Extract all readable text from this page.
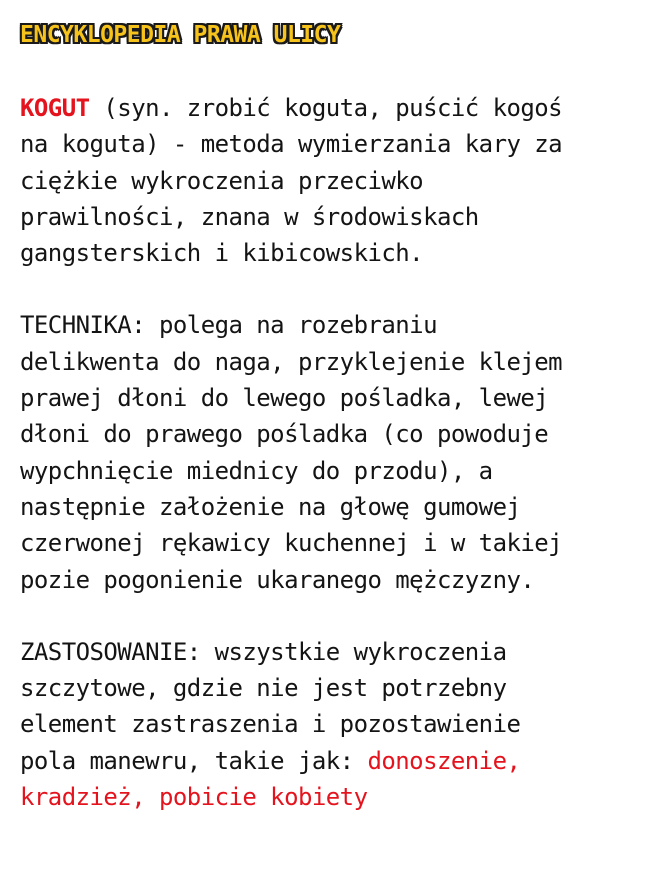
ENCYKLOPEDIA PRAWA ULICY

KOGUT (syn. zrobić koguta, puścić kogoś
na koguta) - metoda wymierzania kary za
ciężkie wykroczenia przeciwko
prawilności, znana w środowiskach
gangsterskich i kibicowskich.

TECHNIKA: polega na rozebraniu
delikwenta do naga, przyklejenie klejem
prawej dłoni do lewego pośladka, lewej
dłoni do prawego pośladka (co powoduje
wypchnięcie miednicy do przodu), a
następnie założenie na głowę gumowej
czerwonej rękawicy kuchennej i w takiej
pozie pogonienie ukaranego mężczyzny.

ZASTOSOWANIE: wszystkie wykroczenia
szczytowe, gdzie nie jest potrzebny
element zastraszenia i pozostawienie
pola manewru, takie jak: donoszenie,
kradzież, pobicie kobiety
